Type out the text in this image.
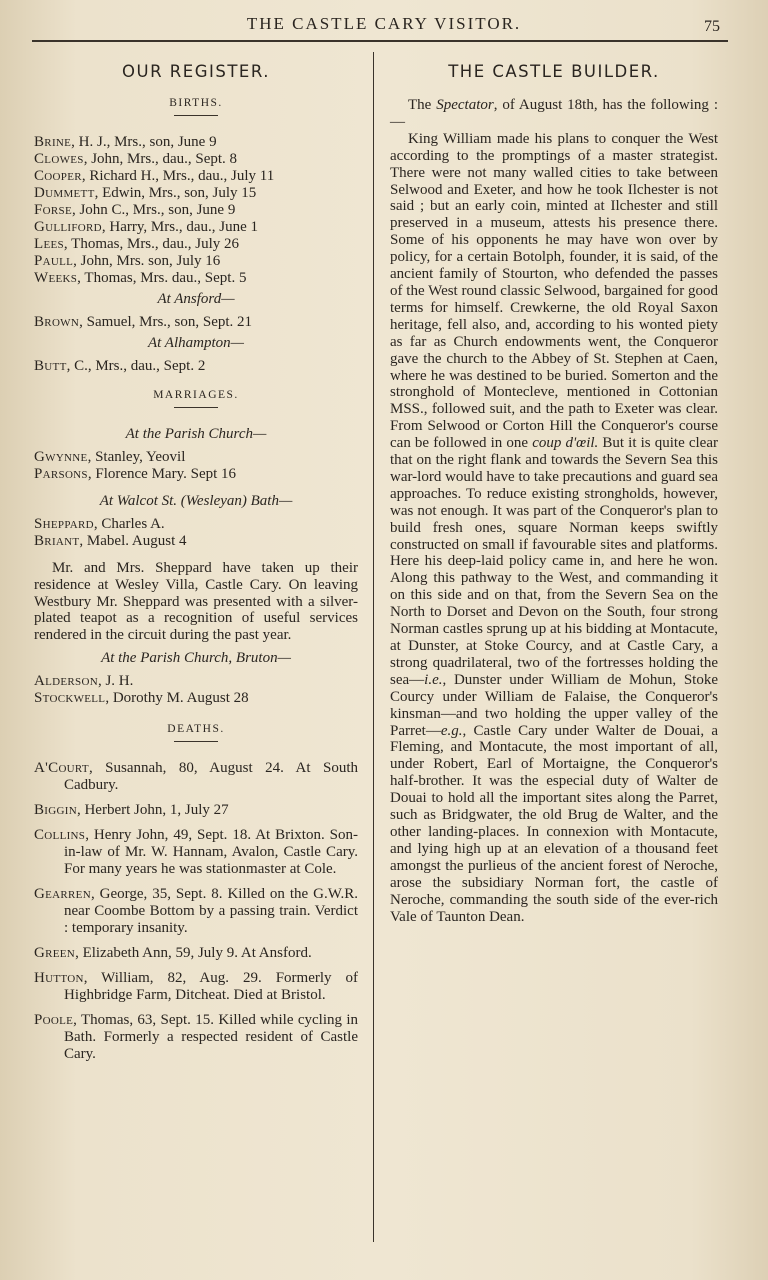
THE CASTLE CARY VISITOR.	75
OUR REGISTER.
BIRTHS.
Brine, H. J., Mrs., son, June 9
Clowes, John, Mrs., dau., Sept. 8
Cooper, Richard H., Mrs., dau., July 11
Dummett, Edwin, Mrs., son, July 15
Forse, John C., Mrs., son, June 9
Gulliford, Harry, Mrs., dau., June 1
Lees, Thomas, Mrs., dau., July 26
Paull, John, Mrs. son, July 16
Weeks, Thomas, Mrs. dau., Sept. 5
At Ansford—
Brown, Samuel, Mrs., son, Sept. 21
At Alhampton—
Butt, C., Mrs., dau., Sept. 2
MARRIAGES.
At the Parish Church—
Gwynne, Stanley, Yeovil
Parsons, Florence Mary. Sept 16
At Walcot St. (Wesleyan) Bath—
Sheppard, Charles A.
Briant, Mabel. August 4

Mr. and Mrs. Sheppard have taken up their residence at Wesley Villa, Castle Cary. On leaving Westbury Mr. Sheppard was presented with a silver-plated teapot as a recognition of useful services rendered in the circuit during the past year.

At the Parish Church, Bruton—
Alderson, J. H.
Stockwell, Dorothy M. August 28
DEATHS.
A'Court, Susannah, 80, August 24. At South Cadbury.
Biggin, Herbert John, 1, July 27
Collins, Henry John, 49, Sept. 18. At Brixton. Son-in-law of Mr. W. Hannam, Avalon, Castle Cary. For many years he was stationmaster at Cole.
Gearren, George, 35, Sept. 8. Killed on the G.W.R. near Coombe Bottom by a passing train. Verdict : temporary insanity.
Green, Elizabeth Ann, 59, July 9. At Ansford.
Hutton, William, 82, Aug. 29. Formerly of Highbridge Farm, Ditcheat. Died at Bristol.
Poole, Thomas, 63, Sept. 15. Killed while cycling in Bath. Formerly a respected resident of Castle Cary.
THE CASTLE BUILDER.

The Spectator, of August 18th, has the following :—

King William made his plans to conquer the West according to the promptings of a master strategist. There were not many walled cities to take between Selwood and Exeter, and how he took Ilchester is not said ; but an early coin, minted at Ilchester and still preserved in a museum, attests his presence there. Some of his opponents he may have won over by policy, for a certain Botolph, founder, it is said, of the ancient family of Stourton, who defended the passes of the West round classic Selwood, bargained for good terms for himself. Crewkerne, the old Royal Saxon heritage, fell also, and, according to his wonted piety as far as Church endowments went, the Conqueror gave the church to the Abbey of St. Stephen at Caen, where he was destined to be buried. Somerton and the stronghold of Montecleve, mentioned in Cottonian MSS., followed suit, and the path to Exeter was clear. From Selwood or Corton Hill the Conqueror's course can be followed in one coup d'œil. But it is quite clear that on the right flank and towards the Severn Sea this war-lord would have to take precautions and guard sea approaches. To reduce existing strongholds, however, was not enough. It was part of the Conqueror's plan to build fresh ones, square Norman keeps swiftly constructed on small if favourable sites and platforms. Here his deep-laid policy came in, and here he won. Along this pathway to the West, and commanding it on this side and on that, from the Severn Sea on the North to Dorset and Devon on the South, four strong Norman castles sprung up at his bidding at Montacute, at Dunster, at Stoke Courcy, and at Castle Cary, a strong quadrilateral, two of the fortresses holding the sea—i.e., Dunster under William de Mohun, Stoke Courcy under William de Falaise, the Conqueror's kinsman—and two holding the upper valley of the Parret—e.g., Castle Cary under Walter de Douai, a Fleming, and Montacute, the most important of all, under Robert, Earl of Mortaigne, the Conqueror's half-brother. It was the especial duty of Walter de Douai to hold all the important sites along the Parret, such as Bridgwater, the old Brug de Walter, and the other landing-places. In connexion with Montacute, and lying high up at an elevation of a thousand feet amongst the purlieus of the ancient forest of Neroche, arose the subsidiary Norman fort, the castle of Neroche, commanding the south side of the ever-rich Vale of Taunton Dean.
